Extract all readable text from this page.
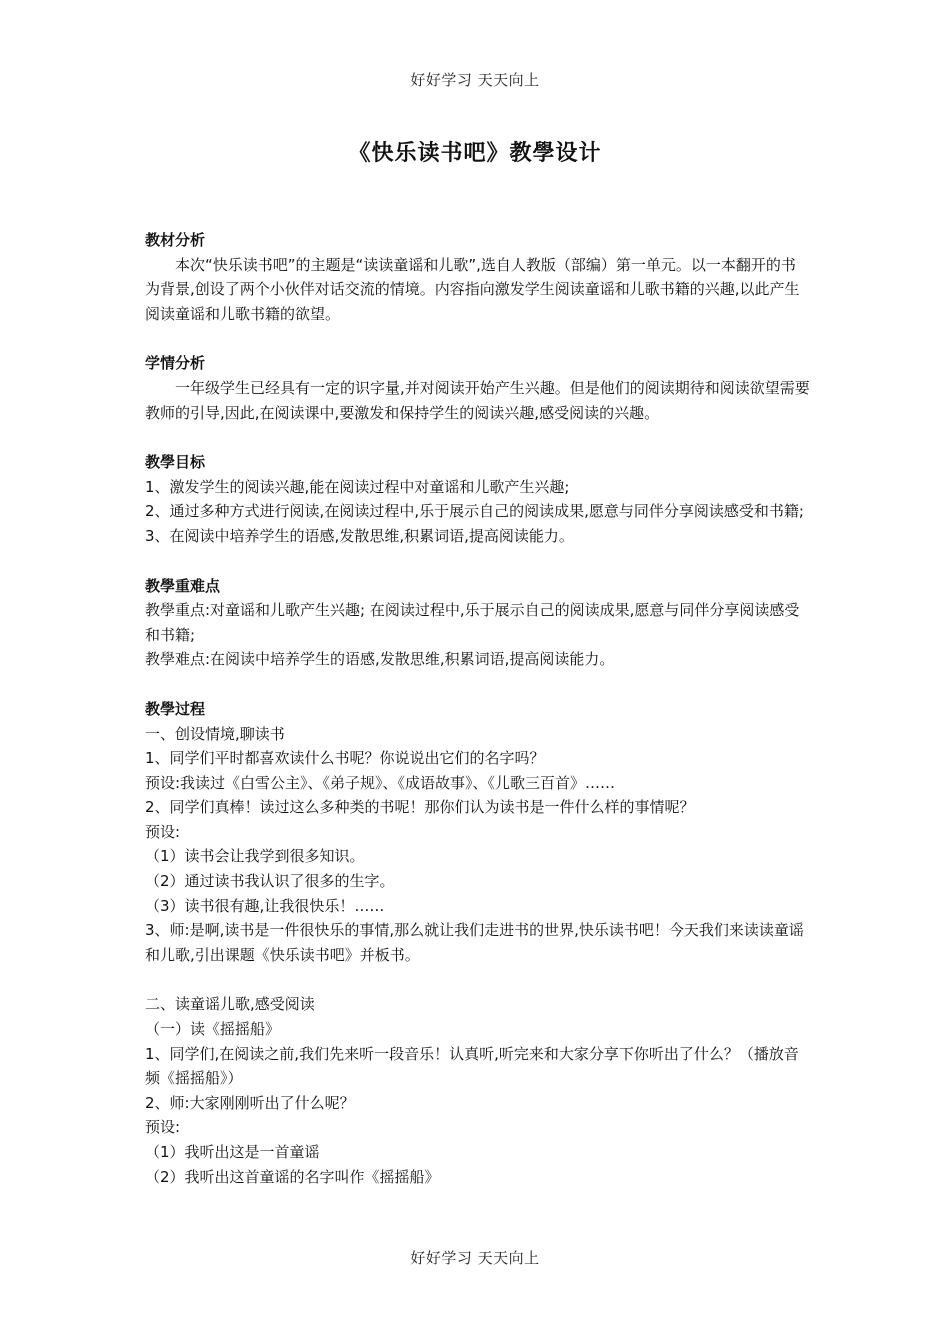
好好学习 天天向上
《快乐读书吧》教學设计

教材分析

本次“快乐读书吧”的主题是“读读童谣和儿歌”,选自人教版（部编）第一单元。以一本翻开的书为背景,创设了两个小伙伴对话交流的情境。内容指向激发学生阅读童谣和儿歌书籍的兴趣,以此产生阅读童谣和儿歌书籍的欲望。

学情分析

一年级学生已经具有一定的识字量,并对阅读开始产生兴趣。但是他们的阅读期待和阅读欲望需要教师的引导,因此,在阅读课中,要激发和保持学生的阅读兴趣,感受阅读的兴趣。

教學目标

1、激发学生的阅读兴趣,能在阅读过程中对童谣和儿歌产生兴趣;

2、通过多种方式进行阅读,在阅读过程中,乐于展示自己的阅读成果,愿意与同伴分享阅读感受和书籍;

3、在阅读中培养学生的语感,发散思维,积累词语,提高阅读能力。

教學重难点

教學重点:对童谣和儿歌产生兴趣; 在阅读过程中,乐于展示自己的阅读成果,愿意与同伴分享阅读感受和书籍;

教學难点:在阅读中培养学生的语感,发散思维,积累词语,提高阅读能力。

教學过程

一、创设情境,聊读书

1、同学们平时都喜欢读什么书呢？你说说出它们的名字吗？

预设:我读过《白雪公主》、《弟子规》、《成语故事》、《儿歌三百首》……

2、同学们真棒！读过这么多种类的书呢！那你们认为读书是一件什么样的事情呢？

预设:

（1）读书会让我学到很多知识。

（2）通过读书我认识了很多的生字。

（3）读书很有趣,让我很快乐！……

3、师:是啊,读书是一件很快乐的事情,那么就让我们走进书的世界,快乐读书吧！今天我们来读读童谣和儿歌,引出课题《快乐读书吧》并板书。

二、读童谣儿歌,感受阅读

（一）读《摇摇船》

1、同学们,在阅读之前,我们先来听一段音乐！认真听,听完来和大家分享下你听出了什么？（播放音频《摇摇船》）

2、师:大家刚刚听出了什么呢？

预设:

（1）我听出这是一首童谣

（2）我听出这首童谣的名字叫作《摇摇船》

好好学习 天天向上
